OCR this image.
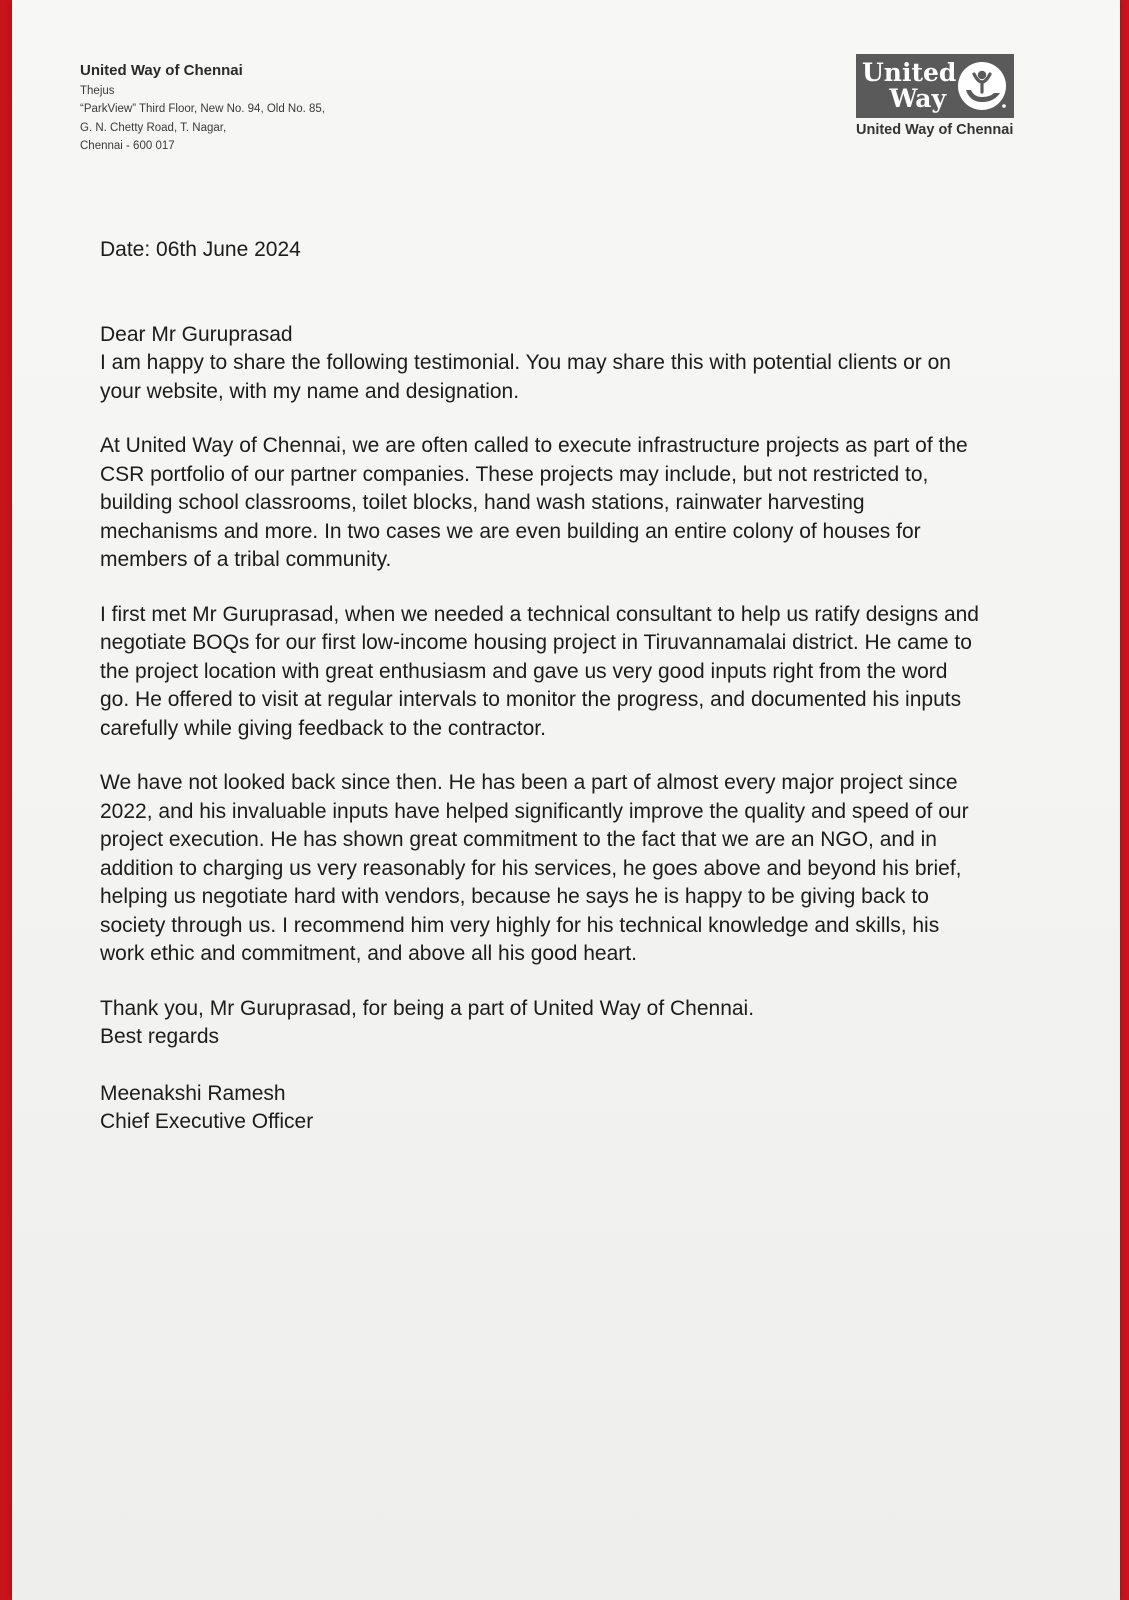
United Way of Chennai
Thejus
“ParkView” Third Floor, New No. 94, Old No. 85,
G. N. Chetty Road, T. Nagar,
Chennai - 600 017
United
Way
United Way of Chennai

Date: 06th June 2024

Dear Mr Guruprasad

I am happy to share the following testimonial. You may share this with potential clients or on your website, with my name and designation.

At United Way of Chennai, we are often called to execute infrastructure projects as part of the CSR portfolio of our partner companies. These projects may include, but not restricted to, building school classrooms, toilet blocks, hand wash stations, rainwater harvesting mechanisms and more. In two cases we are even building an entire colony of houses for members of a tribal community.

I first met Mr Guruprasad, when we needed a technical consultant to help us ratify designs and negotiate BOQs for our first low-income housing project in Tiruvannamalai district. He came to the project location with great enthusiasm and gave us very good inputs right from the word go. He offered to visit at regular intervals to monitor the progress, and documented his inputs carefully while giving feedback to the contractor.

We have not looked back since then. He has been a part of almost every major project since 2022, and his invaluable inputs have helped significantly improve the quality and speed of our project execution. He has shown great commitment to the fact that we are an NGO, and in addition to charging us very reasonably for his services, he goes above and beyond his brief, helping us negotiate hard with vendors, because he says he is happy to be giving back to society through us. I recommend him very highly for his technical knowledge and skills, his work ethic and commitment, and above all his good heart.

Thank you, Mr Guruprasad, for being a part of United Way of Chennai.

Best regards

Meenakshi Ramesh

Chief Executive Officer
